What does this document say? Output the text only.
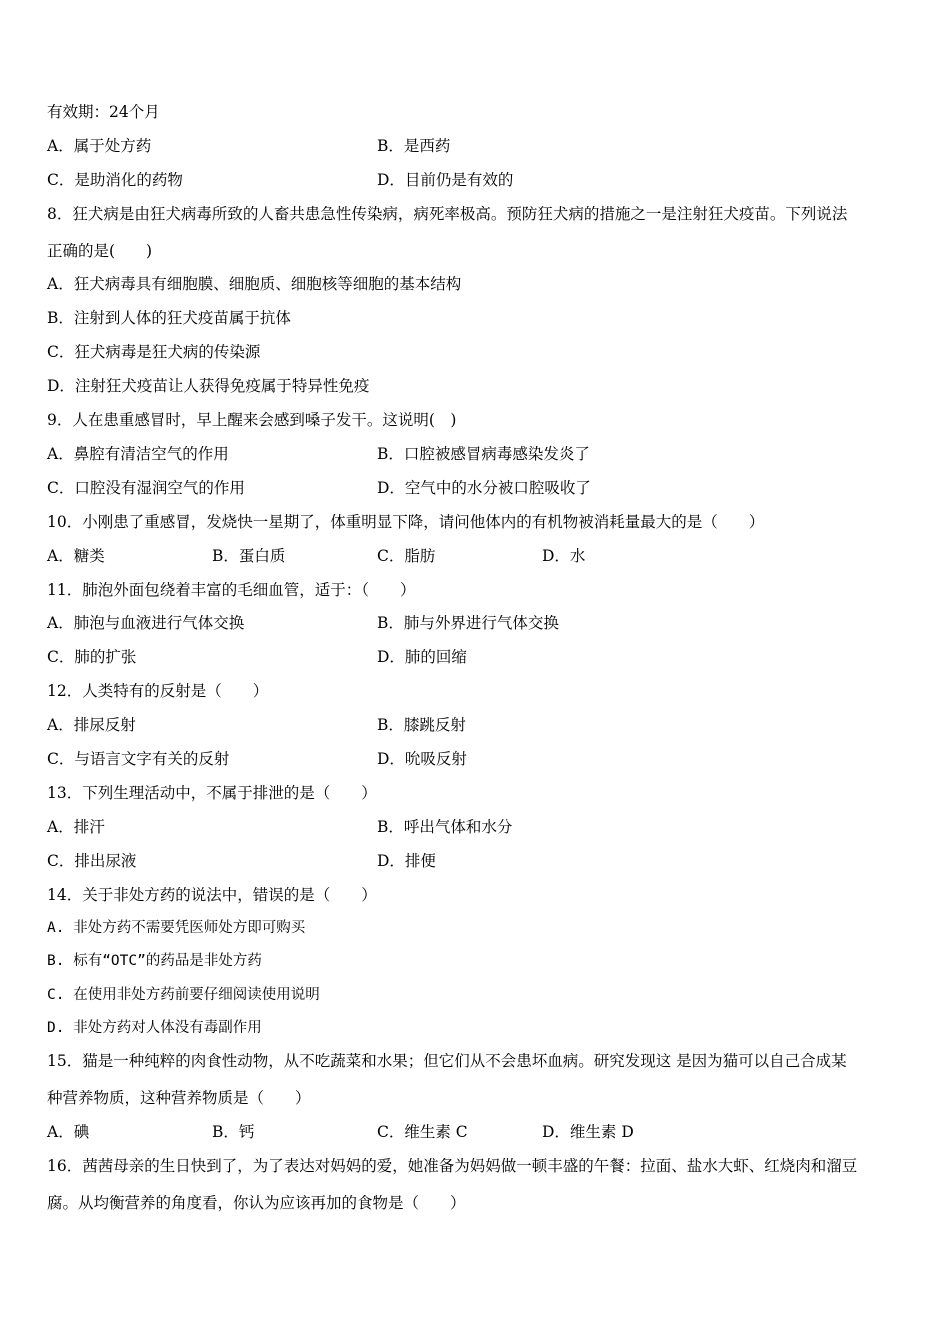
有效期：24个月
A．属于处方药	B．是西药
C．是助消化的药物	D．目前仍是有效的
8．狂犬病是由狂犬病毒所致的人畜共患急性传染病，病死率极高。预防狂犬病的措施之一是注射狂犬疫苗。下列说法
正确的是(　　)
A．狂犬病毒具有细胞膜、细胞质、细胞核等细胞的基本结构
B．注射到人体的狂犬疫苗属于抗体
C．狂犬病毒是狂犬病的传染源
D．注射狂犬疫苗让人获得免疫属于特异性免疫
9．人在患重感冒时，早上醒来会感到嗓子发干。这说明(　)
A．鼻腔有清洁空气的作用	B．口腔被感冒病毒感染发炎了
C．口腔没有湿润空气的作用	D．空气中的水分被口腔吸收了
10．小刚患了重感冒，发烧快一星期了，体重明显下降，请问他体内的有机物被消耗量最大的是（　　）
A．糖类	B．蛋白质	C．脂肪	D．水
11．肺泡外面包绕着丰富的毛细血管，适于：（　　）
A．肺泡与血液进行气体交换	B．肺与外界进行气体交换
C．肺的扩张	D．肺的回缩
12．人类特有的反射是（　　）
A．排尿反射	B．膝跳反射
C．与语言文字有关的反射	D．吮吸反射
13．下列生理活动中，不属于排泄的是（　　）
A．排汗	B．呼出气体和水分
C．排出尿液	D．排便
14．关于非处方药的说法中，错误的是（　　）
A. 非处方药不需要凭医师处方即可购买
B. 标有“OTC”的药品是非处方药
C. 在使用非处方药前要仔细阅读使用说明
D. 非处方药对人体没有毒副作用
15．猫是一种纯粹的肉食性动物，从不吃蔬菜和水果；但它们从不会患坏血病。研究发现这 是因为猫可以自己合成某
种营养物质，这种营养物质是（　　）
A．碘	B．钙	C．维生素 C	D．维生素 D
16．茜茜母亲的生日快到了，为了表达对妈妈的爱，她准备为妈妈做一顿丰盛的午餐：拉面、盐水大虾、红烧肉和溜豆
腐。从均衡营养的角度看，你认为应该再加的食物是（　　）
